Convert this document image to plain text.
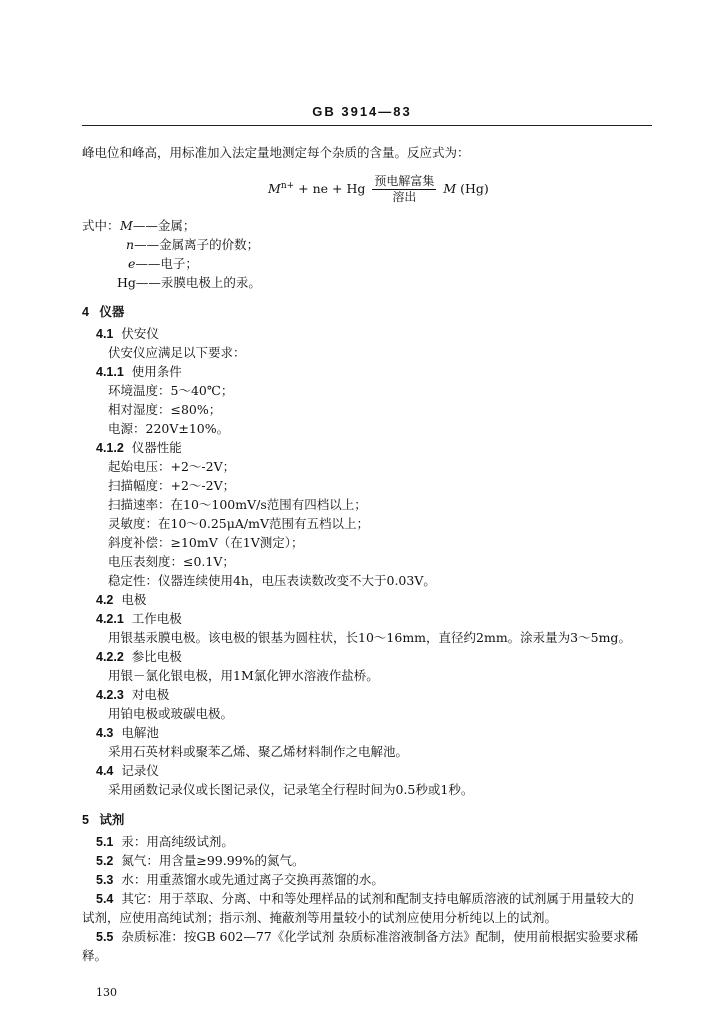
GB 3914—83
峰电位和峰高，用标准加入法定量地测定每个杂质的含量。反应式为：
$M^{n+}$ + ne + Hg $\frac{\text{预电解富集}}{\text{溶出}}$ M (Hg)
式中： M——金属；
n——金属离子的价数；
e——电子；
Hg——汞膜电极上的汞。
4 仪器
4.1 伏安仪
伏安仪应满足以下要求：
4.1.1 使用条件
环境温度：5～40℃；
相对湿度：≤80%；
电源：220V±10%。
4.1.2 仪器性能
起始电压：+2～-2V；
扫描幅度：+2～-2V；
扫描速率：在10～100mV/s范围有四档以上；
灵敏度：在10～0.25μA/mV范围有五档以上；
斜度补偿：≥10mV（在1V测定）；
电压表刻度：≤0.1V；
稳定性：仪器连续使用4h，电压表读数改变不大于0.03V。
4.2 电极
4.2.1 工作电极
用银基汞膜电极。该电极的银基为圆柱状，长10～16mm，直径约2mm。涂汞量为3～5mg。
4.2.2 参比电极
用银－氯化银电极，用1M氯化钾水溶液作盐桥。
4.2.3 对电极
用铂电极或玻碳电极。
4.3 电解池
采用石英材料或聚苯乙烯、聚乙烯材料制作之电解池。
4.4 记录仪
采用函数记录仪或长图记录仪，记录笔全行程时间为0.5秒或1秒。
5 试剂
5.1 汞：用高纯级试剂。
5.2 氮气：用含量≥99.99%的氮气。
5.3 水：用重蒸馏水或先通过离子交换再蒸馏的水。
5.4 其它：用于萃取、分离、中和等处理样品的试剂和配制支持电解质溶液的试剂属于用量较大的
试剂，应使用高纯试剂；指示剂、掩蔽剂等用量较小的试剂应使用分析纯以上的试剂。
5.5 杂质标准：按GB 602—77《化学试剂 杂质标准溶液制备方法》配制，使用前根据实验要求稀
释。
130
